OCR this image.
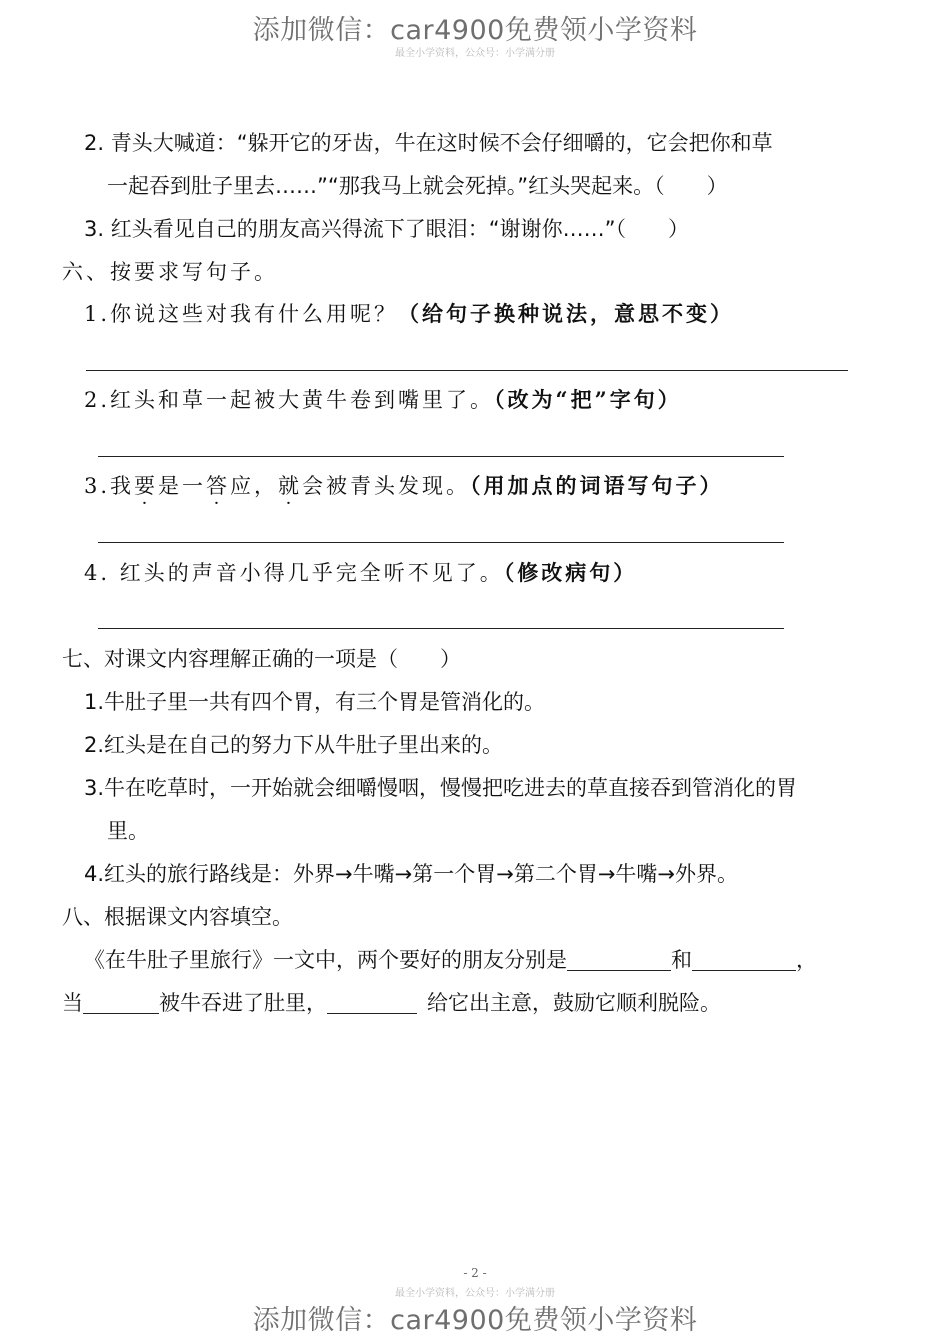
添加微信：car4900免费领小学资料
最全小学资料，公众号：小学满分册
2. 青头大喊道：“躲开它的牙齿，牛在这时候不会仔细嚼的，它会把你和草
一起吞到肚子里去……”“那我马上就会死掉。”红头哭起来。（　　）
3. 红头看见自己的朋友高兴得流下了眼泪：“谢谢你……”（　　）
六、按要求写句子。
1.你说这些对我有什么用呢？（给句子换种说法，意思不变）
2.红头和草一起被大黄牛卷到嘴里了。（改为“把”字句）
3.我要是一答应，就会被青头发现。（用加点的词语写句子）
4. 红头的声音小得几乎完全听不见了。（修改病句）
七、对课文内容理解正确的一项是（　　）
1.牛肚子里一共有四个胃，有三个胃是管消化的。
2.红头是在自己的努力下从牛肚子里出来的。
3.牛在吃草时，一开始就会细嚼慢咽，慢慢把吃进去的草直接吞到管消化的胃
里。
4.红头的旅行路线是：外界→牛嘴→第一个胃→第二个胃→牛嘴→外界。
八、根据课文内容填空。
《在牛肚子里旅行》一文中，两个要好的朋友分别是	和	，
当	被牛吞进了肚里，	给它出主意，鼓励它顺利脱险。
- 2 -
最全小学资料，公众号：小学满分册
添加微信：car4900免费领小学资料
